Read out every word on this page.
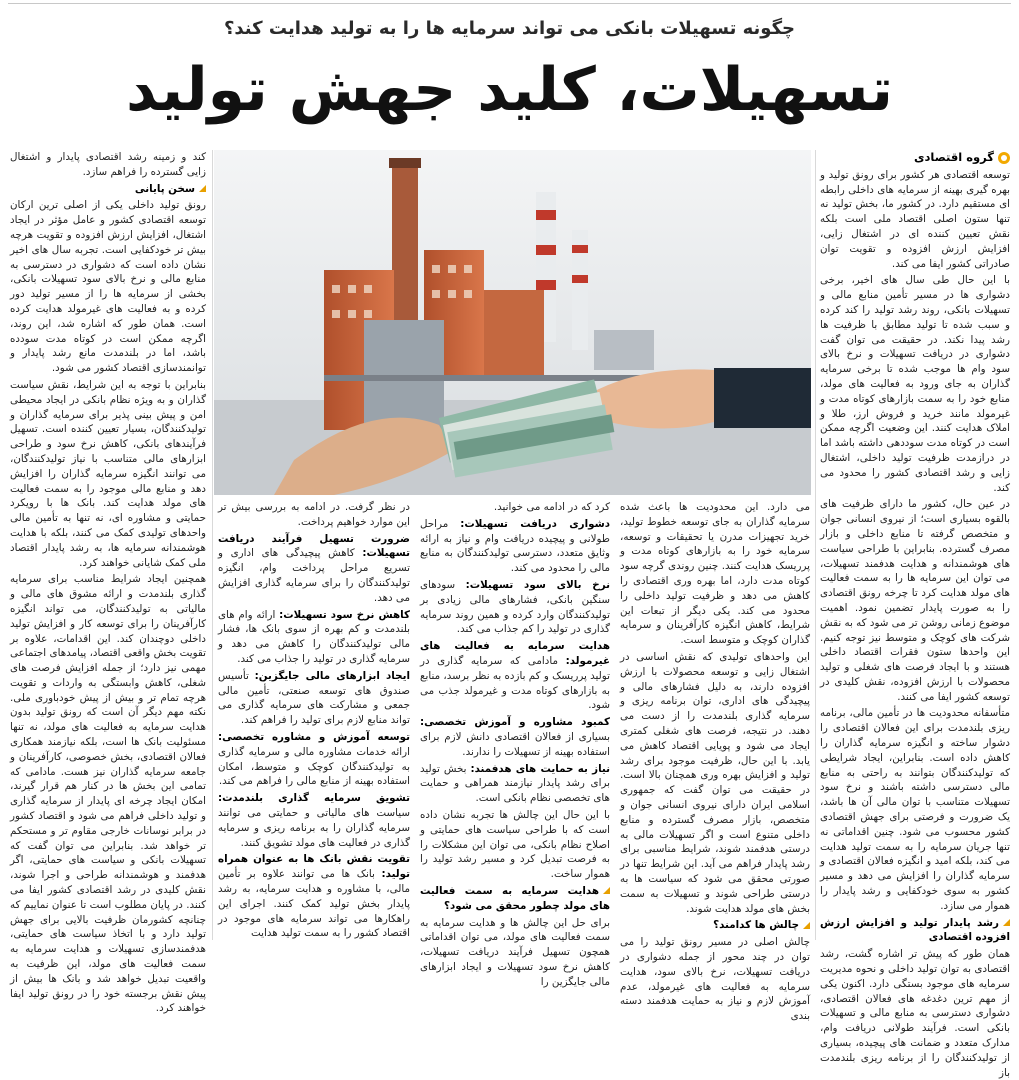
چگونه تسهیلات بانکی می تواند سرمایه ها را به تولید هدایت کند؟
تسهیلات، کلید جهش تولید
گروه اقتصادی

توسعه اقتصادی هر کشور برای رونق تولید و بهره گیری بهینه از سرمایه های داخلی رابطه ای مستقیم دارد. در کشور ما، بخش تولید نه تنها ستون اصلی اقتصاد ملی است بلکه نقش تعیین کننده ای در اشتغال زایی، افزایش ارزش افزوده و تقویت توان صادراتی کشور ایفا می کند.

با این حال طی سال های اخیر، برخی دشواری ها در مسیر تأمین منابع مالی و تسهیلات بانکی، روند رشد تولید را کند کرده و سبب شده تا تولید مطابق با ظرفیت ها رشد پیدا نکند. در حقیقت می توان گفت دشواری در دریافت تسهیلات و نرخ بالای سود وام ها موجب شده تا برخی سرمایه گذاران به جای ورود به فعالیت های مولد، منابع خود را به سمت بازارهای کوتاه مدت و غیرمولد مانند خرید و فروش ارز، طلا و املاک هدایت کنند. این وضعیت اگرچه ممکن است در کوتاه مدت سوددهی داشته باشد اما در درازمدت ظرفیت تولید داخلی، اشتغال زایی و رشد اقتصادی کشور را محدود می کند.

در عین حال، کشور ما دارای ظرفیت های بالقوه بسیاری است؛ از نیروی انسانی جوان و متخصص گرفته تا منابع داخلی و بازار مصرف گسترده. بنابراین با طراحی سیاست های هوشمندانه و هدایت هدفمند تسهیلات، می توان این سرمایه ها را به سمت فعالیت های مولد هدایت کرد تا چرخه رونق اقتصادی را به صورت پایدار تضمین نمود. اهمیت موضوع زمانی روشن تر می شود که به نقش شرکت های کوچک و متوسط نیز توجه کنیم. این واحدها ستون فقرات اقتصاد داخلی هستند و با ایجاد فرصت های شغلی و تولید محصولات با ارزش افزوده، نقش کلیدی در توسعه کشور ایفا می کنند.

متأسفانه محدودیت ها در تأمین مالی، برنامه ریزی بلندمدت برای این فعالان اقتصادی را دشوار ساخته و انگیزه سرمایه گذاران را کاهش داده است. بنابراین، ایجاد شرایطی که تولیدکنندگان بتوانند به راحتی به منابع مالی دسترسی داشته باشند و نرخ سود تسهیلات متناسب با توان مالی آن ها باشد، یک ضرورت و فرصتی برای جهش اقتصادی کشور محسوب می شود. چنین اقداماتی نه تنها جریان سرمایه را به سمت تولید هدایت می کند، بلکه امید و انگیزه فعالان اقتصادی و سرمایه گذاران را افزایش می دهد و مسیر کشور به سوی خودکفایی و رشد پایدار را هموار می سازد.

رشد پایدار تولید و افزایش ارزش افزوده اقتصادی

همان طور که پیش تر اشاره گشت، رشد اقتصادی به توان تولید داخلی و نحوه مدیریت سرمایه های موجود بستگی دارد. اکنون یکی از مهم ترین دغدغه های فعالان اقتصادی، دشواری دسترسی به منابع مالی و تسهیلات بانکی است. فرآیند طولانی دریافت وام، مدارک متعدد و ضمانت های پیچیده، بسیاری از تولیدکنندگان را از برنامه ریزی بلندمدت باز

می دارد. این محدودیت ها باعث شده سرمایه گذاران به جای توسعه خطوط تولید، خرید تجهیزات مدرن یا تحقیقات و توسعه، سرمایه خود را به بازارهای کوتاه مدت و پرریسک هدایت کنند. چنین روندی گرچه سود کوتاه مدت دارد، اما بهره وری اقتصادی را کاهش می دهد و ظرفیت تولید داخلی را محدود می کند. یکی دیگر از تبعات این شرایط، کاهش انگیزه کارآفرینان و سرمایه گذاران کوچک و متوسط است.

این واحدهای تولیدی که نقش اساسی در اشتغال زایی و توسعه محصولات با ارزش افزوده دارند، به دلیل فشارهای مالی و پیچیدگی های اداری، توان برنامه ریزی و سرمایه گذاری بلندمدت را از دست می دهند. در نتیجه، فرصت های شغلی کمتری ایجاد می شود و پویایی اقتصاد کاهش می یابد. با این حال، ظرفیت موجود برای رشد تولید و افزایش بهره وری همچنان بالا است. در حقیقت می توان گفت که جمهوری اسلامی ایران دارای نیروی انسانی جوان و متخصص، بازار مصرف گسترده و منابع داخلی متنوع است و اگر تسهیلات مالی به درستی هدفمند شوند، شرایط مناسبی برای رشد پایدار فراهم می آید. این شرایط تنها در صورتی محقق می شود که سیاست ها به درستی طراحی شوند و تسهیلات به سمت بخش های مولد هدایت شوند.

چالش ها کدامند؟

چالش اصلی در مسیر رونق تولید را می توان در چند محور از جمله دشواری در دریافت تسهیلات، نرخ بالای سود، هدایت سرمایه به فعالیت های غیرمولد، عدم آموزش لازم و نیاز به حمایت هدفمند دسته بندی

کرد که در ادامه می خوانید.

دشواری دریافت تسهیلات: مراحل طولانی و پیچیده دریافت وام و نیاز به ارائه وثایق متعدد، دسترسی تولیدکنندگان به منابع مالی را محدود می کند.

نرخ بالای سود تسهیلات: سودهای سنگین بانکی، فشارهای مالی زیادی بر تولیدکنندگان وارد کرده و همین روند سرمایه گذاری در تولید را کم جذاب می کند.

هدایت سرمایه به فعالیت های غیرمولد: مادامی که سرمایه گذاری در تولید پرریسک و کم بازده به نظر برسد، منابع به بازارهای کوتاه مدت و غیرمولد جذب می شود.

کمبود مشاوره و آموزش تخصصی: بسیاری از فعالان اقتصادی دانش لازم برای استفاده بهینه از تسهیلات را ندارند.

نیاز به حمایت های هدفمند: بخش تولید برای رشد پایدار نیازمند همراهی و حمایت های تخصصی نظام بانکی است.

با این حال این چالش ها تجربه نشان داده است که با طراحی سیاست های حمایتی و اصلاح نظام بانکی، می توان این مشکلات را به فرصت تبدیل کرد و مسیر رشد تولید را هموار ساخت.

هدایت سرمایه به سمت فعالیت های مولد چطور محقق می شود؟

برای حل این چالش ها و هدایت سرمایه به سمت فعالیت های مولد، می توان اقداماتی همچون تسهیل فرآیند دریافت تسهیلات، کاهش نرخ سود تسهیلات و ایجاد ابزارهای مالی جایگزین را

در نظر گرفت. در ادامه به بررسی بیش تر این موارد خواهیم پرداخت.

ضرورت تسهیل فرآیند دریافت تسهیلات: کاهش پیچیدگی های اداری و تسریع مراحل پرداخت وام، انگیزه تولیدکنندگان را برای سرمایه گذاری افزایش می دهد.

کاهش نرخ سود تسهیلات: ارائه وام های بلندمدت و کم بهره از سوی بانک ها، فشار مالی تولیدکنندگان را کاهش می دهد و سرمایه گذاری در تولید را جذاب می کند.

ایجاد ابزارهای مالی جایگزین: تأسیس صندوق های توسعه صنعتی، تأمین مالی جمعی و مشارکت های سرمایه گذاری می تواند منابع لازم برای تولید را فراهم کند.

توسعه آموزش و مشاوره تخصصی: ارائه خدمات مشاوره مالی و سرمایه گذاری به تولیدکنندگان کوچک و متوسط، امکان استفاده بهینه از منابع مالی را فراهم می کند.

تشویق سرمایه گذاری بلندمدت: سیاست های مالیاتی و حمایتی می توانند سرمایه گذاران را به برنامه ریزی و سرمایه گذاری در فعالیت های مولد تشویق کنند.

تقویت نقش بانک ها به عنوان همراه تولید: بانک ها می توانند علاوه بر تأمین مالی، با مشاوره و هدایت سرمایه، به رشد پایدار بخش تولید کمک کنند. اجرای این راهکارها می تواند سرمایه های موجود در اقتصاد کشور را به سمت تولید هدایت

کند و زمینه رشد اقتصادی پایدار و اشتغال زایی گسترده را فراهم سازد.

سخن پایانی

رونق تولید داخلی یکی از اصلی ترین ارکان توسعه اقتصادی کشور و عامل مؤثر در ایجاد اشتغال، افزایش ارزش افزوده و تقویت هرچه بیش تر خودکفایی است. تجربه سال های اخیر نشان داده است که دشواری در دسترسی به منابع مالی و نرخ بالای سود تسهیلات بانکی، بخشی از سرمایه ها را از مسیر تولید دور کرده و به فعالیت های غیرمولد هدایت کرده است. همان طور که اشاره شد، این روند، اگرچه ممکن است در کوتاه مدت سودده باشد، اما در بلندمدت مانع رشد پایدار و توانمندسازی اقتصاد کشور می شود.

بنابراین با توجه به این شرایط، نقش سیاست گذاران و به ویژه نظام بانکی در ایجاد محیطی امن و پیش بینی پذیر برای سرمایه گذاران و تولیدکنندگان، بسیار تعیین کننده است. تسهیل فرآیندهای بانکی، کاهش نرخ سود و طراحی ابزارهای مالی متناسب با نیاز تولیدکنندگان، می توانند انگیزه سرمایه گذاران را افزایش دهد و منابع مالی موجود را به سمت فعالیت های مولد هدایت کند. بانک ها با رویکرد حمایتی و مشاوره ای، نه تنها به تأمین مالی واحدهای تولیدی کمک می کنند، بلکه با هدایت هوشمندانه سرمایه ها، به رشد پایدار اقتصاد ملی کمک شایانی خواهند کرد.

همچنین ایجاد شرایط مناسب برای سرمایه گذاری بلندمدت و ارائه مشوق های مالی و مالیاتی به تولیدکنندگان، می تواند انگیزه کارآفرینان را برای توسعه کار و افزایش تولید داخلی دوچندان کند. این اقدامات، علاوه بر تقویت بخش واقعی اقتصاد، پیامدهای اجتماعی مهمی نیز دارد؛ از جمله افزایش فرصت های شغلی، کاهش وابستگی به واردات و تقویت هرچه تمام تر و بیش از پیش خودباوری ملی. نکته مهم دیگر آن است که رونق تولید بدون هدایت سرمایه به فعالیت های مولد، نه تنها مسئولیت بانک ها است، بلکه نیازمند همکاری فعالان اقتصادی، بخش خصوصی، کارآفرینان و جامعه سرمایه گذاران نیز هست. مادامی که تمامی این بخش ها در کنار هم قرار گیرند، امکان ایجاد چرخه ای پایدار از سرمایه گذاری و تولید داخلی فراهم می شود و اقتصاد کشور در برابر نوسانات خارجی مقاوم تر و مستحکم تر خواهد شد. بنابراین می توان گفت که تسهیلات بانکی و سیاست های حمایتی، اگر هدفمند و هوشمندانه طراحی و اجرا شوند، نقش کلیدی در رشد اقتصادی کشور ایفا می کنند. در پایان مطلوب است تا عنوان نماییم که چنانچه کشورمان ظرفیت بالایی برای جهش تولید دارد و با اتخاذ سیاست های حمایتی، هدفمندسازی تسهیلات و هدایت سرمایه به سمت فعالیت های مولد، این ظرفیت به واقعیت تبدیل خواهد شد و بانک ها بیش از پیش نقش برجسته خود را در رونق تولید ایفا خواهند کرد.
